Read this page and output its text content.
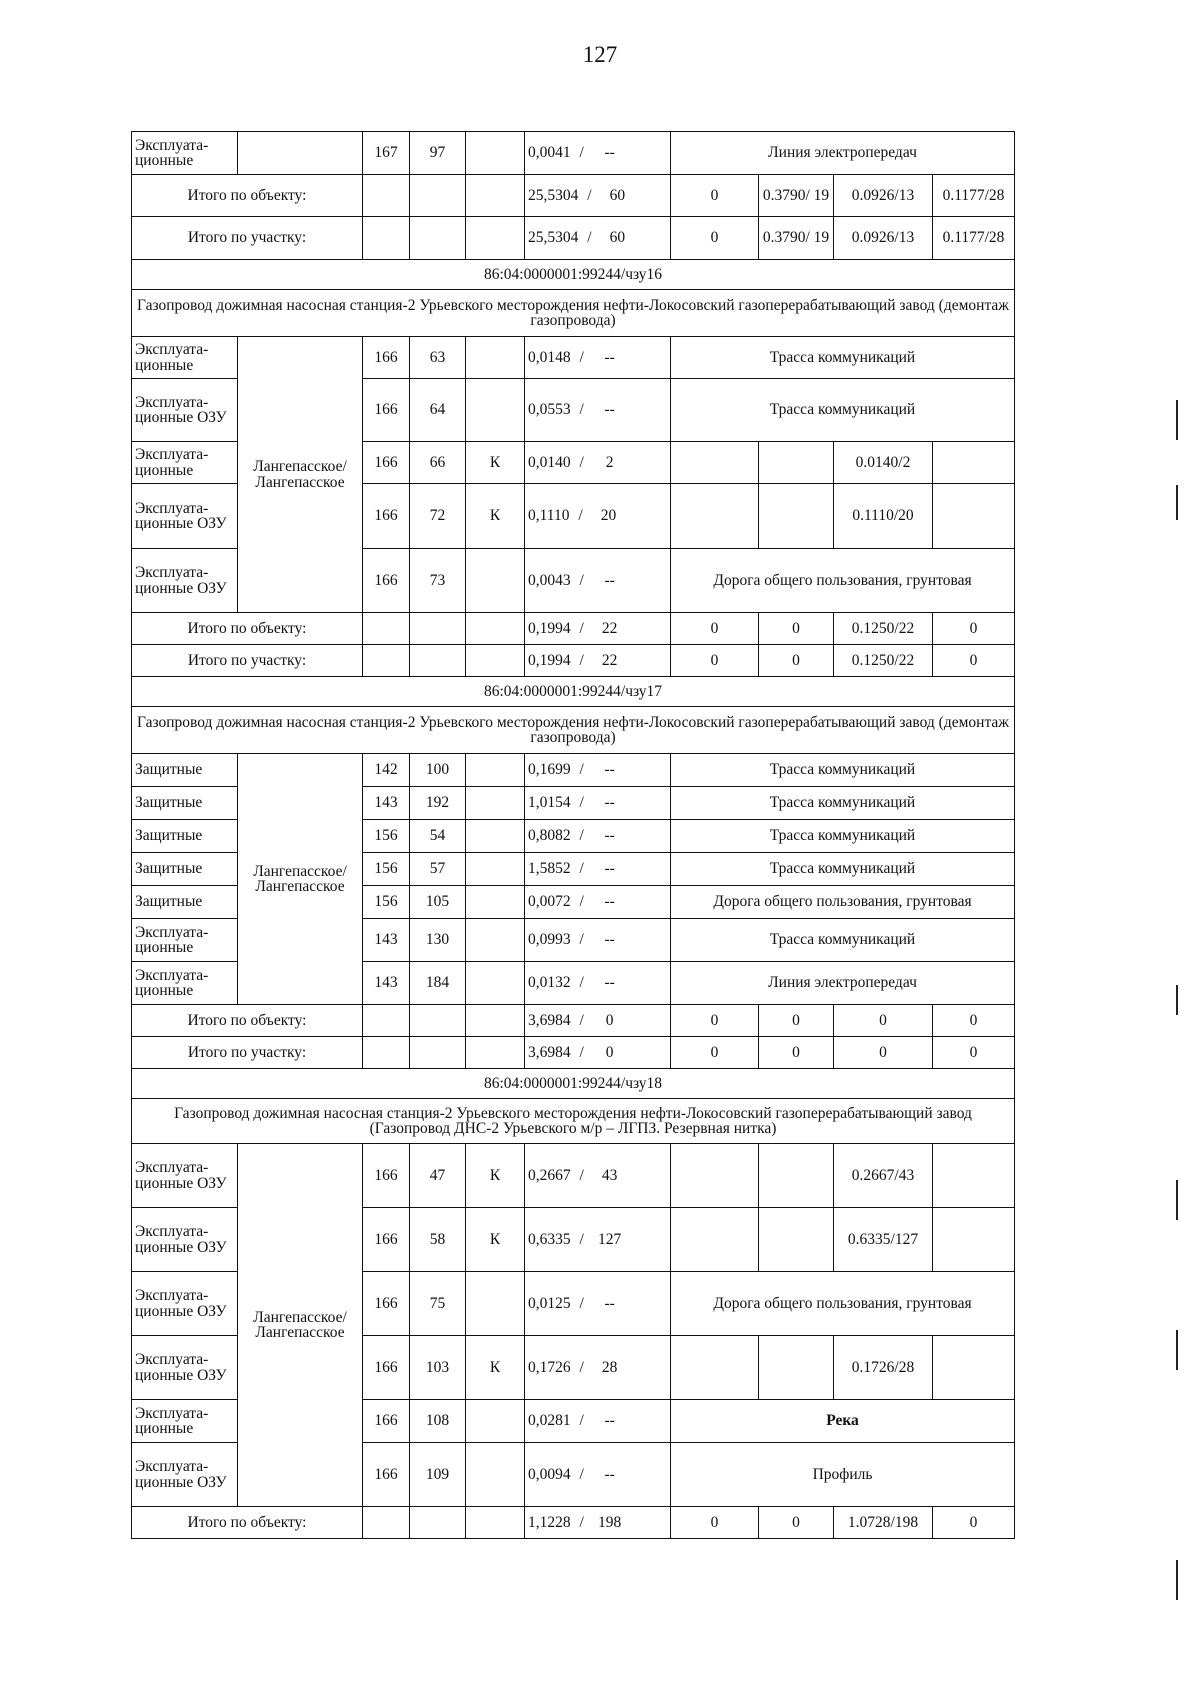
127
Эксплуата- ционные		167	97		0,0041 / --	Линия электропередач			
Итого по объекту:					25,5304 / 60	0	0.3790/ 19	0.0926/13	0.1177/28
Итого по участку:					25,5304 / 60	0	0.3790/ 19	0.0926/13	0.1177/28
86:04:0000001:99244/чзу16									
Газопровод дожимная насосная станция-2 Урьевского месторождения нефти-Локосовский газоперерабатывающий завод (демонтаж газопровода)									
Эксплуата- ционные	Лангепасское/ Лангепасское	166	63		0,0148 / --	Трасса коммуникаций			
Эксплуата- ционные ОЗУ		166	64		0,0553 / --	Трасса коммуникаций			
Эксплуата- ционные		166	66	К	0,0140 / 2			0.0140/2	
Эксплуата- ционные ОЗУ		166	72	К	0,1110 / 20			0.1110/20	
Эксплуата- ционные ОЗУ		166	73		0,0043 / --	Дорога общего пользования, грунтовая			
Итого по объекту:					0,1994 / 22	0	0	0.1250/22	0
Итого по участку:					0,1994 / 22	0	0	0.1250/22	0
86:04:0000001:99244/чзу17									
Газопровод дожимная насосная станция-2 Урьевского месторождения нефти-Локосовский газоперерабатывающий завод (демонтаж газопровода)									
Защитные	Лангепасское/ Лангепасское	142	100		0,1699 / --	Трасса коммуникаций			
Защитные		143	192		1,0154 / --	Трасса коммуникаций			
Защитные		156	54		0,8082 / --	Трасса коммуникаций			
Защитные		156	57		1,5852 / --	Трасса коммуникаций			
Защитные		156	105		0,0072 / --	Дорога общего пользования, грунтовая			
Эксплуата- ционные		143	130		0,0993 / --	Трасса коммуникаций			
Эксплуата- ционные		143	184		0,0132 / --	Линия электропередач			
Итого по объекту:					3,6984 / 0	0	0	0	0
Итого по участку:					3,6984 / 0	0	0	0	0
86:04:0000001:99244/чзу18									
Газопровод дожимная насосная станция-2 Урьевского месторождения нефти-Локосовский газоперерабатывающий завод (Газопровод ДНС-2 Урьевского м/р – ЛГПЗ. Резервная нитка)									
Эксплуата- ционные ОЗУ	Лангепасское/ Лангепасское	166	47	К	0,2667 / 43			0.2667/43	
Эксплуата- ционные ОЗУ		166	58	К	0,6335 / 127			0.6335/127	
Эксплуата- ционные ОЗУ		166	75		0,0125 / --	Дорога общего пользования, грунтовая			
Эксплуата- ционные ОЗУ		166	103	К	0,1726 / 28			0.1726/28	
Эксплуата- ционные		166	108		0,0281 / --	Река			
Эксплуата- ционные ОЗУ		166	109		0,0094 / --	Профиль			
Итого по объекту:					1,1228 / 198	0	0	1.0728/198	0
